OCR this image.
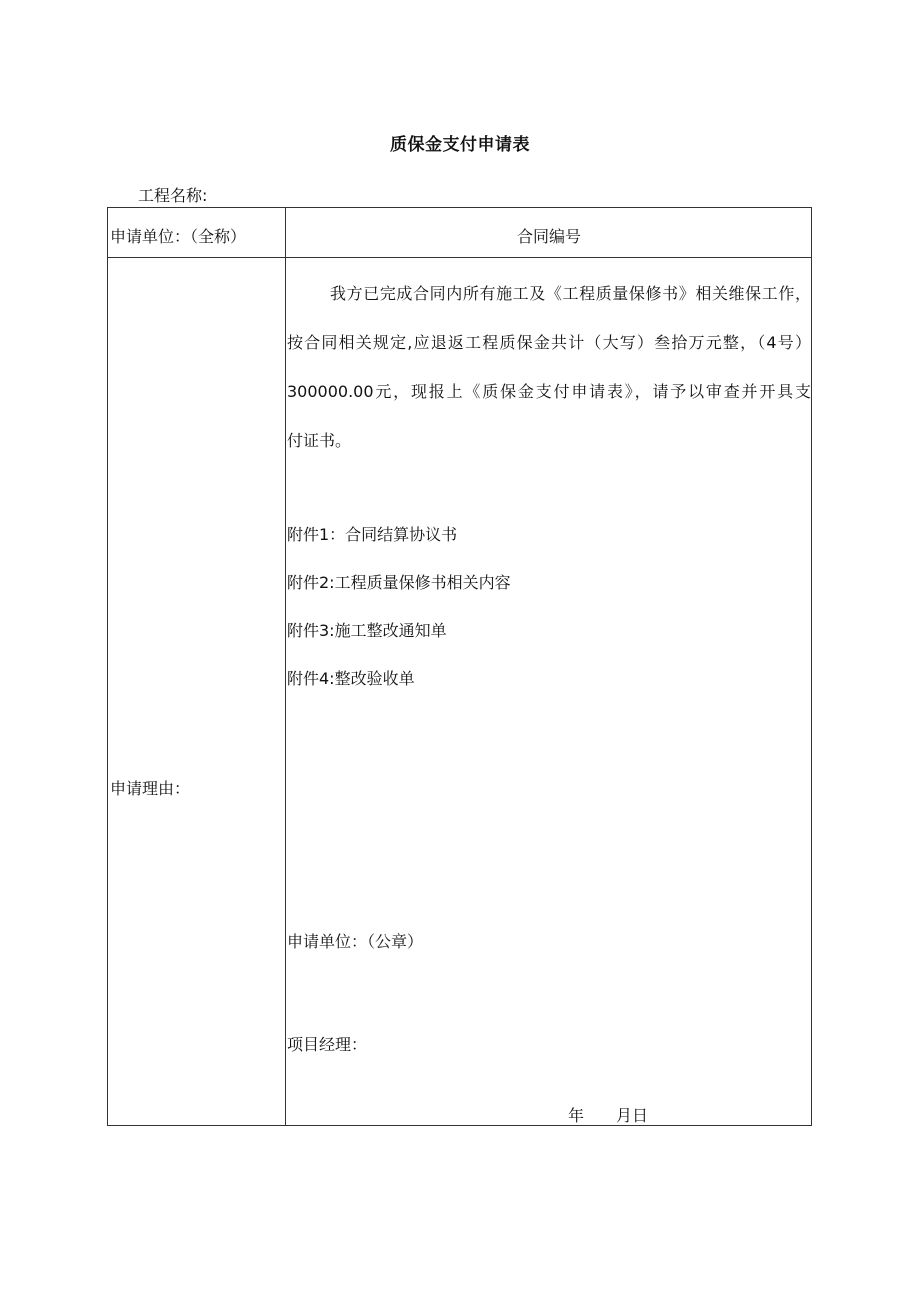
质保金支付申请表
工程名称:
申请单位：（全称）	合同编号
申请理由：
我方已完成合同内所有施工及《工程质量保修书》相关维保工作，
按合同相关规定,应退返工程质保金共计（大写）叁拾万元整，（4号）
300000.00元，现报上《质保金支付申请表》，请予以审查并开具支
付证书。
附件1：合同结算协议书
附件2:工程质量保修书相关内容
附件3:施工整改通知单
附件4:整改验收单
申请单位：（公章）
项目经理：
年 月日
